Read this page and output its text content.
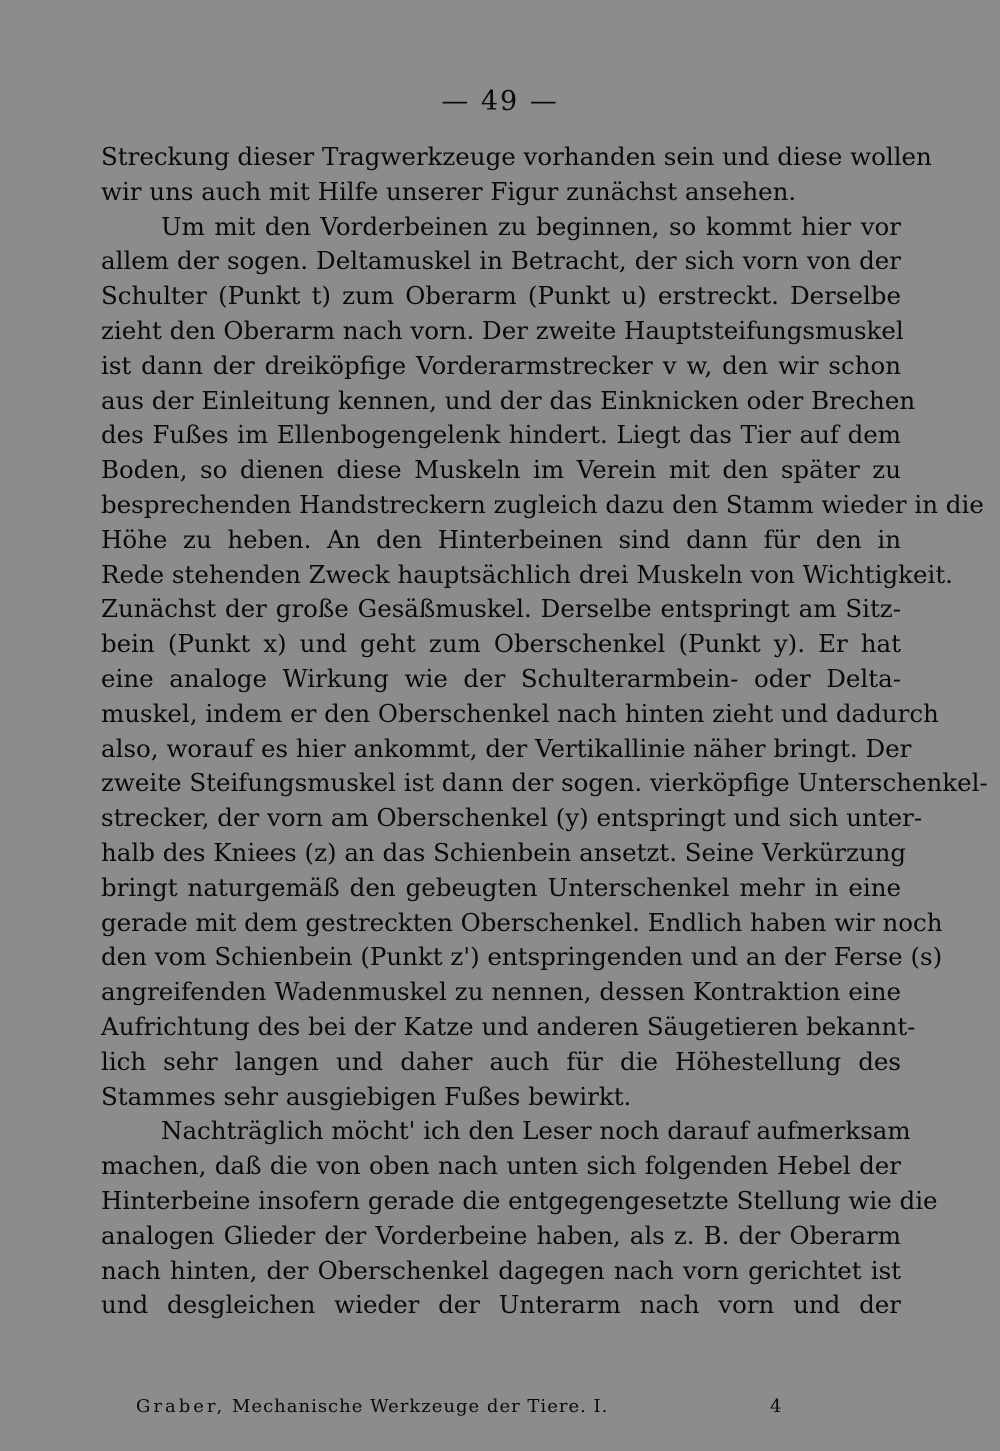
— 49 —

Streckung dieser Tragwerkzeuge vorhanden sein und diese wollen

wir uns auch mit Hilfe unserer Figur zunächst ansehen.

Um mit den Vorderbeinen zu beginnen, so kommt hier vor

allem der sogen. Deltamuskel in Betracht, der sich vorn von der

Schulter (Punkt t) zum Oberarm (Punkt u) erstreckt. Derselbe

zieht den Oberarm nach vorn. Der zweite Hauptsteifungsmuskel

ist dann der dreiköpfige Vorderarmstrecker v w, den wir schon

aus der Einleitung kennen, und der das Einknicken oder Brechen

des Fußes im Ellenbogengelenk hindert. Liegt das Tier auf dem

Boden, so dienen diese Muskeln im Verein mit den später zu

besprechenden Handstreckern zugleich dazu den Stamm wieder in die

Höhe zu heben. An den Hinterbeinen sind dann für den in

Rede stehenden Zweck hauptsächlich drei Muskeln von Wichtigkeit.

Zunächst der große Gesäßmuskel. Derselbe entspringt am Sitz-

bein (Punkt x) und geht zum Oberschenkel (Punkt y). Er hat

eine analoge Wirkung wie der Schulterarmbein- oder Delta-

muskel, indem er den Oberschenkel nach hinten zieht und dadurch

also, worauf es hier ankommt, der Vertikallinie näher bringt. Der

zweite Steifungsmuskel ist dann der sogen. vierköpfige Unterschenkel-

strecker, der vorn am Oberschenkel (y) entspringt und sich unter-

halb des Kniees (z) an das Schienbein ansetzt. Seine Verkürzung

bringt naturgemäß den gebeugten Unterschenkel mehr in eine

gerade mit dem gestreckten Oberschenkel. Endlich haben wir noch

den vom Schienbein (Punkt z') entspringenden und an der Ferse (s)

angreifenden Wadenmuskel zu nennen, dessen Kontraktion eine

Aufrichtung des bei der Katze und anderen Säugetieren bekannt-

lich sehr langen und daher auch für die Höhestellung des

Stammes sehr ausgiebigen Fußes bewirkt.

Nachträglich möcht' ich den Leser noch darauf aufmerksam

machen, daß die von oben nach unten sich folgenden Hebel der

Hinterbeine insofern gerade die entgegengesetzte Stellung wie die

analogen Glieder der Vorderbeine haben, als z. B. der Oberarm

nach hinten, der Oberschenkel dagegen nach vorn gerichtet ist

und desgleichen wieder der Unterarm nach vorn und der

Graber, Mechanische Werkzeuge der Tiere. I.	4
